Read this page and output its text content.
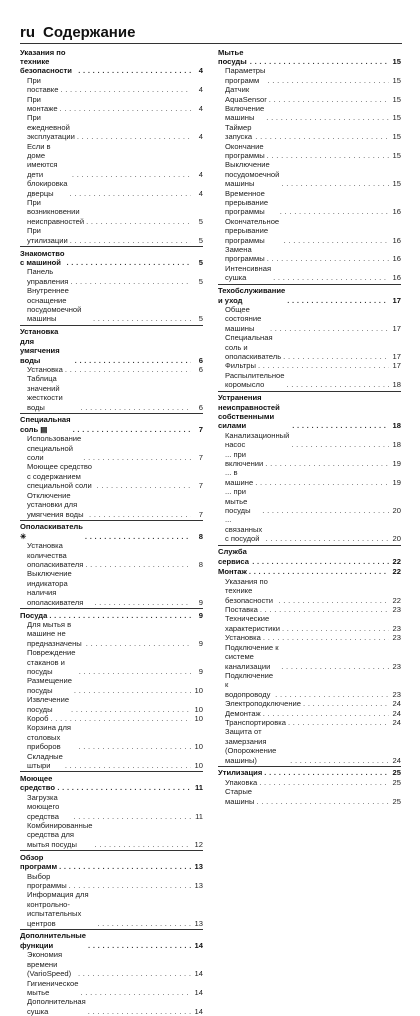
ru Содержание
Указания по технике безопасности . . .	4
При поставке . . .	4
При монтаже . . .	4
При ежедневной эксплуатации . . .	4
Если в доме имеются дети . . .	4
блокировка дверцы . . .	4
При возникновении неисправностей . . .	5
При утилизации . . .	5
Знакомство с машиной . . .	5
Панель управления . . .	5
Внутреннее оснащение посудомоечной машины . . .	5
Установка для умягчения воды . . .	6
Установка . . .	6
Таблица значений жесткости воды . . .	6
Специальная соль ▤ . . .	7
Использование специальной соли . . .	7
Моющее средство с содержанием специальной соли . . .	7
Отключение установки для умягчения воды . . .	7
Ополаскиватель ✳ . . .	8
Установка количества ополаскивателя . . .	8
Выключение индикатора наличия ополаскивателя . . .	9
Посуда . . .	9
Для мытья в машине не предназначены . . .	9
Повреждение стаканов и посуды . . .	9
Размещение посуды . . .	10
Извлечение посуды . . .	10
Короб . . .	10
Корзина для столовых приборов . . .	10
Складные штыри . . .	10
Моющее средство . . .	11
Загрузка моющего средства . . .	11
Комбинированные средства для мытья посуды . . .	12
Обзор программ . . .	13
Выбор программы . . .	13
Информация для контрольно-испытательных центров . . .	13
Дополнительные функции . . .	14
Экономия времени (VarioSpeed) . . .	14
Гигиеническое мытье . . .	14
Дополнительная сушка . . .	14
Мытье посуды . . .	15
Параметры программ . . .	15
Датчик AquaSensor . . .	15
Включение машины . . .	15
Таймер запуска . . .	15
Окончание программы . . .	15
Выключение посудомоечной машины . . .	15
Временное прерывание программы . . .	16
Окончательное прерывание программы . . .	16
Замена программы . . .	16
Интенсивная сушка . . .	16
Техобслуживание и уход . . .	17
Общее состояние машины . . .	17
Специальная соль и ополаскиватель . . .	17
Фильтры . . .	17
Распылительное коромысло . . .	18
Устранения неисправностей собственными силами . . .	18
Канализационный насос . . .	18
... при включении . . .	19
... в машине . . .	19
... при мытье посуды . . .	20
... связанных с посудой . . .	20
Служба сервиса . . .	22
Монтаж . . .	22
Указания по технике безопасности . . .	22
Поставка . . .	23
Технические характеристики . . .	23
Установка . . .	23
Подключение к системе канализации . . .	23
Подключение к водопроводу . . .	23
Электроподключение . . .	24
Демонтаж . . .	24
Транспортировка . . .	24
Защита от замерзания (Опорожнение машины) . . .	24
Утилизация . . .	25
Упаковка . . .	25
Старые машины . . .	25
